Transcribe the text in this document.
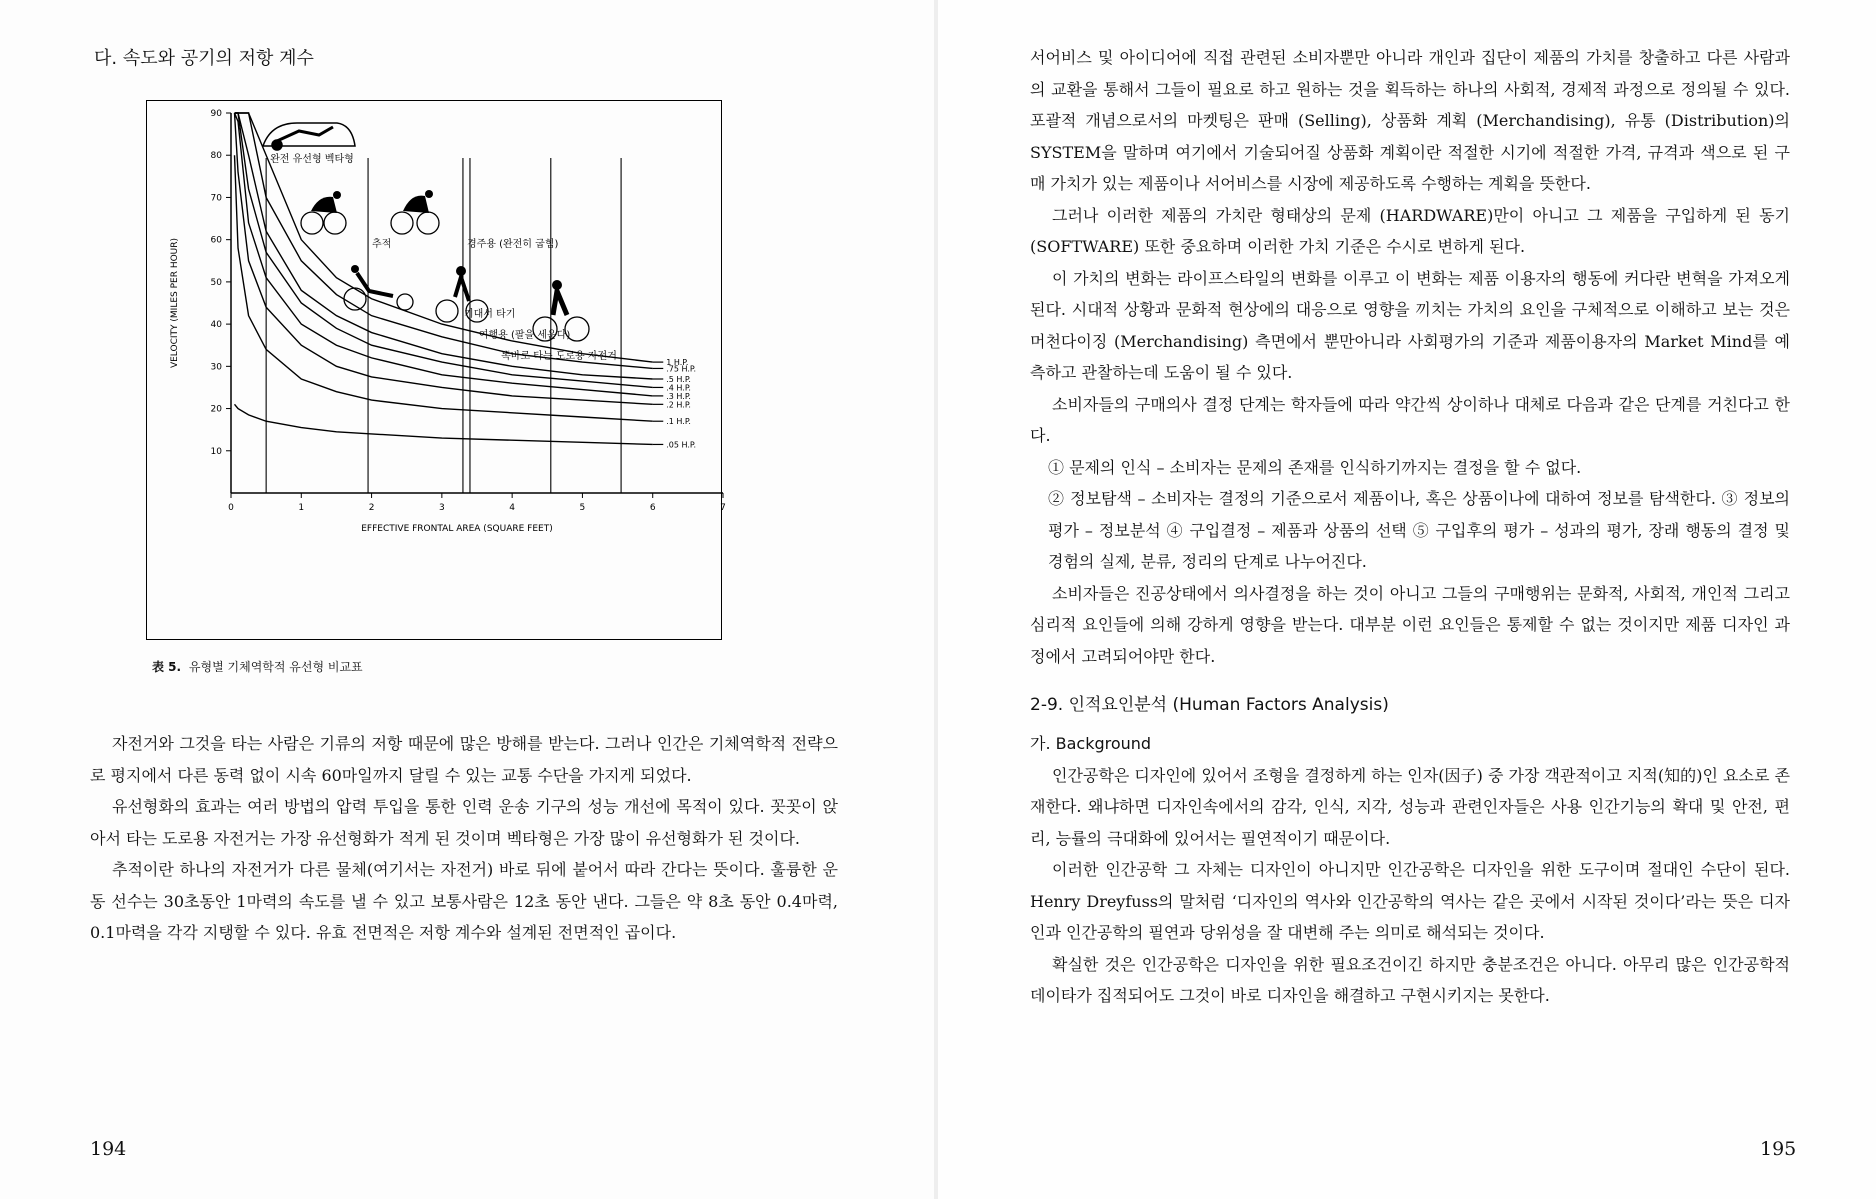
다. 속도와 공기의 저항 계수
10
20
30
40
50
60
70
80
90
0	1	2	3	4	5	6	7
EFFECTIVE FRONTAL AREA (SQUARE FEET)
VELOCITY (MILES PER HOUR)
완전 유선형 벡타형
추적	경주용 (완전히 굽힘)
기대서 타기
여행용 (팔을 세운다)
똑바로 타는 도로용 자전거
1 H.P.
.75 H.P.
.5 H.P.
.4 H.P.
.3 H.P.
.2 H.P.
.1 H.P.
.05 H.P.
表 5. 유형별 기체역학적 유선형 비교표

자전거와 그것을 타는 사람은 기류의 저항 때문에 많은 방해를 받는다. 그러나 인간은 기체역학적 전략으로 평지에서 다른 동력 없이 시속 60마일까지 달릴 수 있는 교통 수단을 가지게 되었다.

유선형화의 효과는 여러 방법의 압력 투입을 통한 인력 운송 기구의 성능 개선에 목적이 있다. 꼿꼿이 앉아서 타는 도로용 자전거는 가장 유선형화가 적게 된 것이며 벡타형은 가장 많이 유선형화가 된 것이다.

추적이란 하나의 자전거가 다른 물체(여기서는 자전거) 바로 뒤에 붙어서 따라 간다는 뜻이다. 훌륭한 운동 선수는 30초동안 1마력의 속도를 낼 수 있고 보통사람은 12초 동안 낸다. 그들은 약 8초 동안 0.4마력, 0.1마력을 각각 지탱할 수 있다. 유효 전면적은 저항 계수와 설계된 전면적인 곱이다.

194

서어비스 및 아이디어에 직접 관련된 소비자뿐만 아니라 개인과 집단이 제품의 가치를 창출하고 다른 사람과의 교환을 통해서 그들이 필요로 하고 원하는 것을 획득하는 하나의 사회적, 경제적 과정으로 정의될 수 있다. 포괄적 개념으로서의 마켓팅은 판매 (Selling), 상품화 계획 (Merchandising), 유통 (Distribution)의 SYSTEM을 말하며 여기에서 기술되어질 상품화 계획이란 적절한 시기에 적절한 가격, 규격과 색으로 된 구매 가치가 있는 제품이나 서어비스를 시장에 제공하도록 수행하는 계획을 뜻한다.

그러나 이러한 제품의 가치란 형태상의 문제 (HARDWARE)만이 아니고 그 제품을 구입하게 된 동기 (SOFTWARE) 또한 중요하며 이러한 가치 기준은 수시로 변하게 된다.

이 가치의 변화는 라이프스타일의 변화를 이루고 이 변화는 제품 이용자의 행동에 커다란 변혁을 가져오게 된다. 시대적 상황과 문화적 현상에의 대응으로 영향을 끼치는 가치의 요인을 구체적으로 이해하고 보는 것은 머천다이징 (Merchandising) 측면에서 뿐만아니라 사회평가의 기준과 제품이용자의 Market Mind를 예측하고 관찰하는데 도움이 될 수 있다.

소비자들의 구매의사 결정 단계는 학자들에 따라 약간씩 상이하나 대체로 다음과 같은 단계를 거친다고 한다.

① 문제의 인식 – 소비자는 문제의 존재를 인식하기까지는 결정을 할 수 없다.

② 정보탐색 – 소비자는 결정의 기준으로서 제품이나, 혹은 상품이나에 대하여 정보를 탐색한다. ③ 정보의 평가 – 정보분석 ④ 구입결정 – 제품과 상품의 선택 ⑤ 구입후의 평가 – 성과의 평가, 장래 행동의 결정 및 경험의 실제, 분류, 정리의 단계로 나누어진다.

소비자들은 진공상태에서 의사결정을 하는 것이 아니고 그들의 구매행위는 문화적, 사회적, 개인적 그리고 심리적 요인들에 의해 강하게 영향을 받는다. 대부분 이런 요인들은 통제할 수 없는 것이지만 제품 디자인 과정에서 고려되어야만 한다.

2-9. 인적요인분석 (Human Factors Analysis)

가. Background

인간공학은 디자인에 있어서 조형을 결정하게 하는 인자(因子) 중 가장 객관적이고 지적(知的)인 요소로 존재한다. 왜냐하면 디자인속에서의 감각, 인식, 지각, 성능과 관련인자들은 사용 인간기능의 확대 및 안전, 편리, 능률의 극대화에 있어서는 필연적이기 때문이다.

이러한 인간공학 그 자체는 디자인이 아니지만 인간공학은 디자인을 위한 도구이며 절대인 수단이 된다. Henry Dreyfuss의 말처럼 ‘디자인의 역사와 인간공학의 역사는 같은 곳에서 시작된 것이다’라는 뜻은 디자인과 인간공학의 필연과 당위성을 잘 대변해 주는 의미로 해석되는 것이다.

확실한 것은 인간공학은 디자인을 위한 필요조건이긴 하지만 충분조건은 아니다. 아무리 많은 인간공학적 데이타가 집적되어도 그것이 바로 디자인을 해결하고 구현시키지는 못한다.

195
